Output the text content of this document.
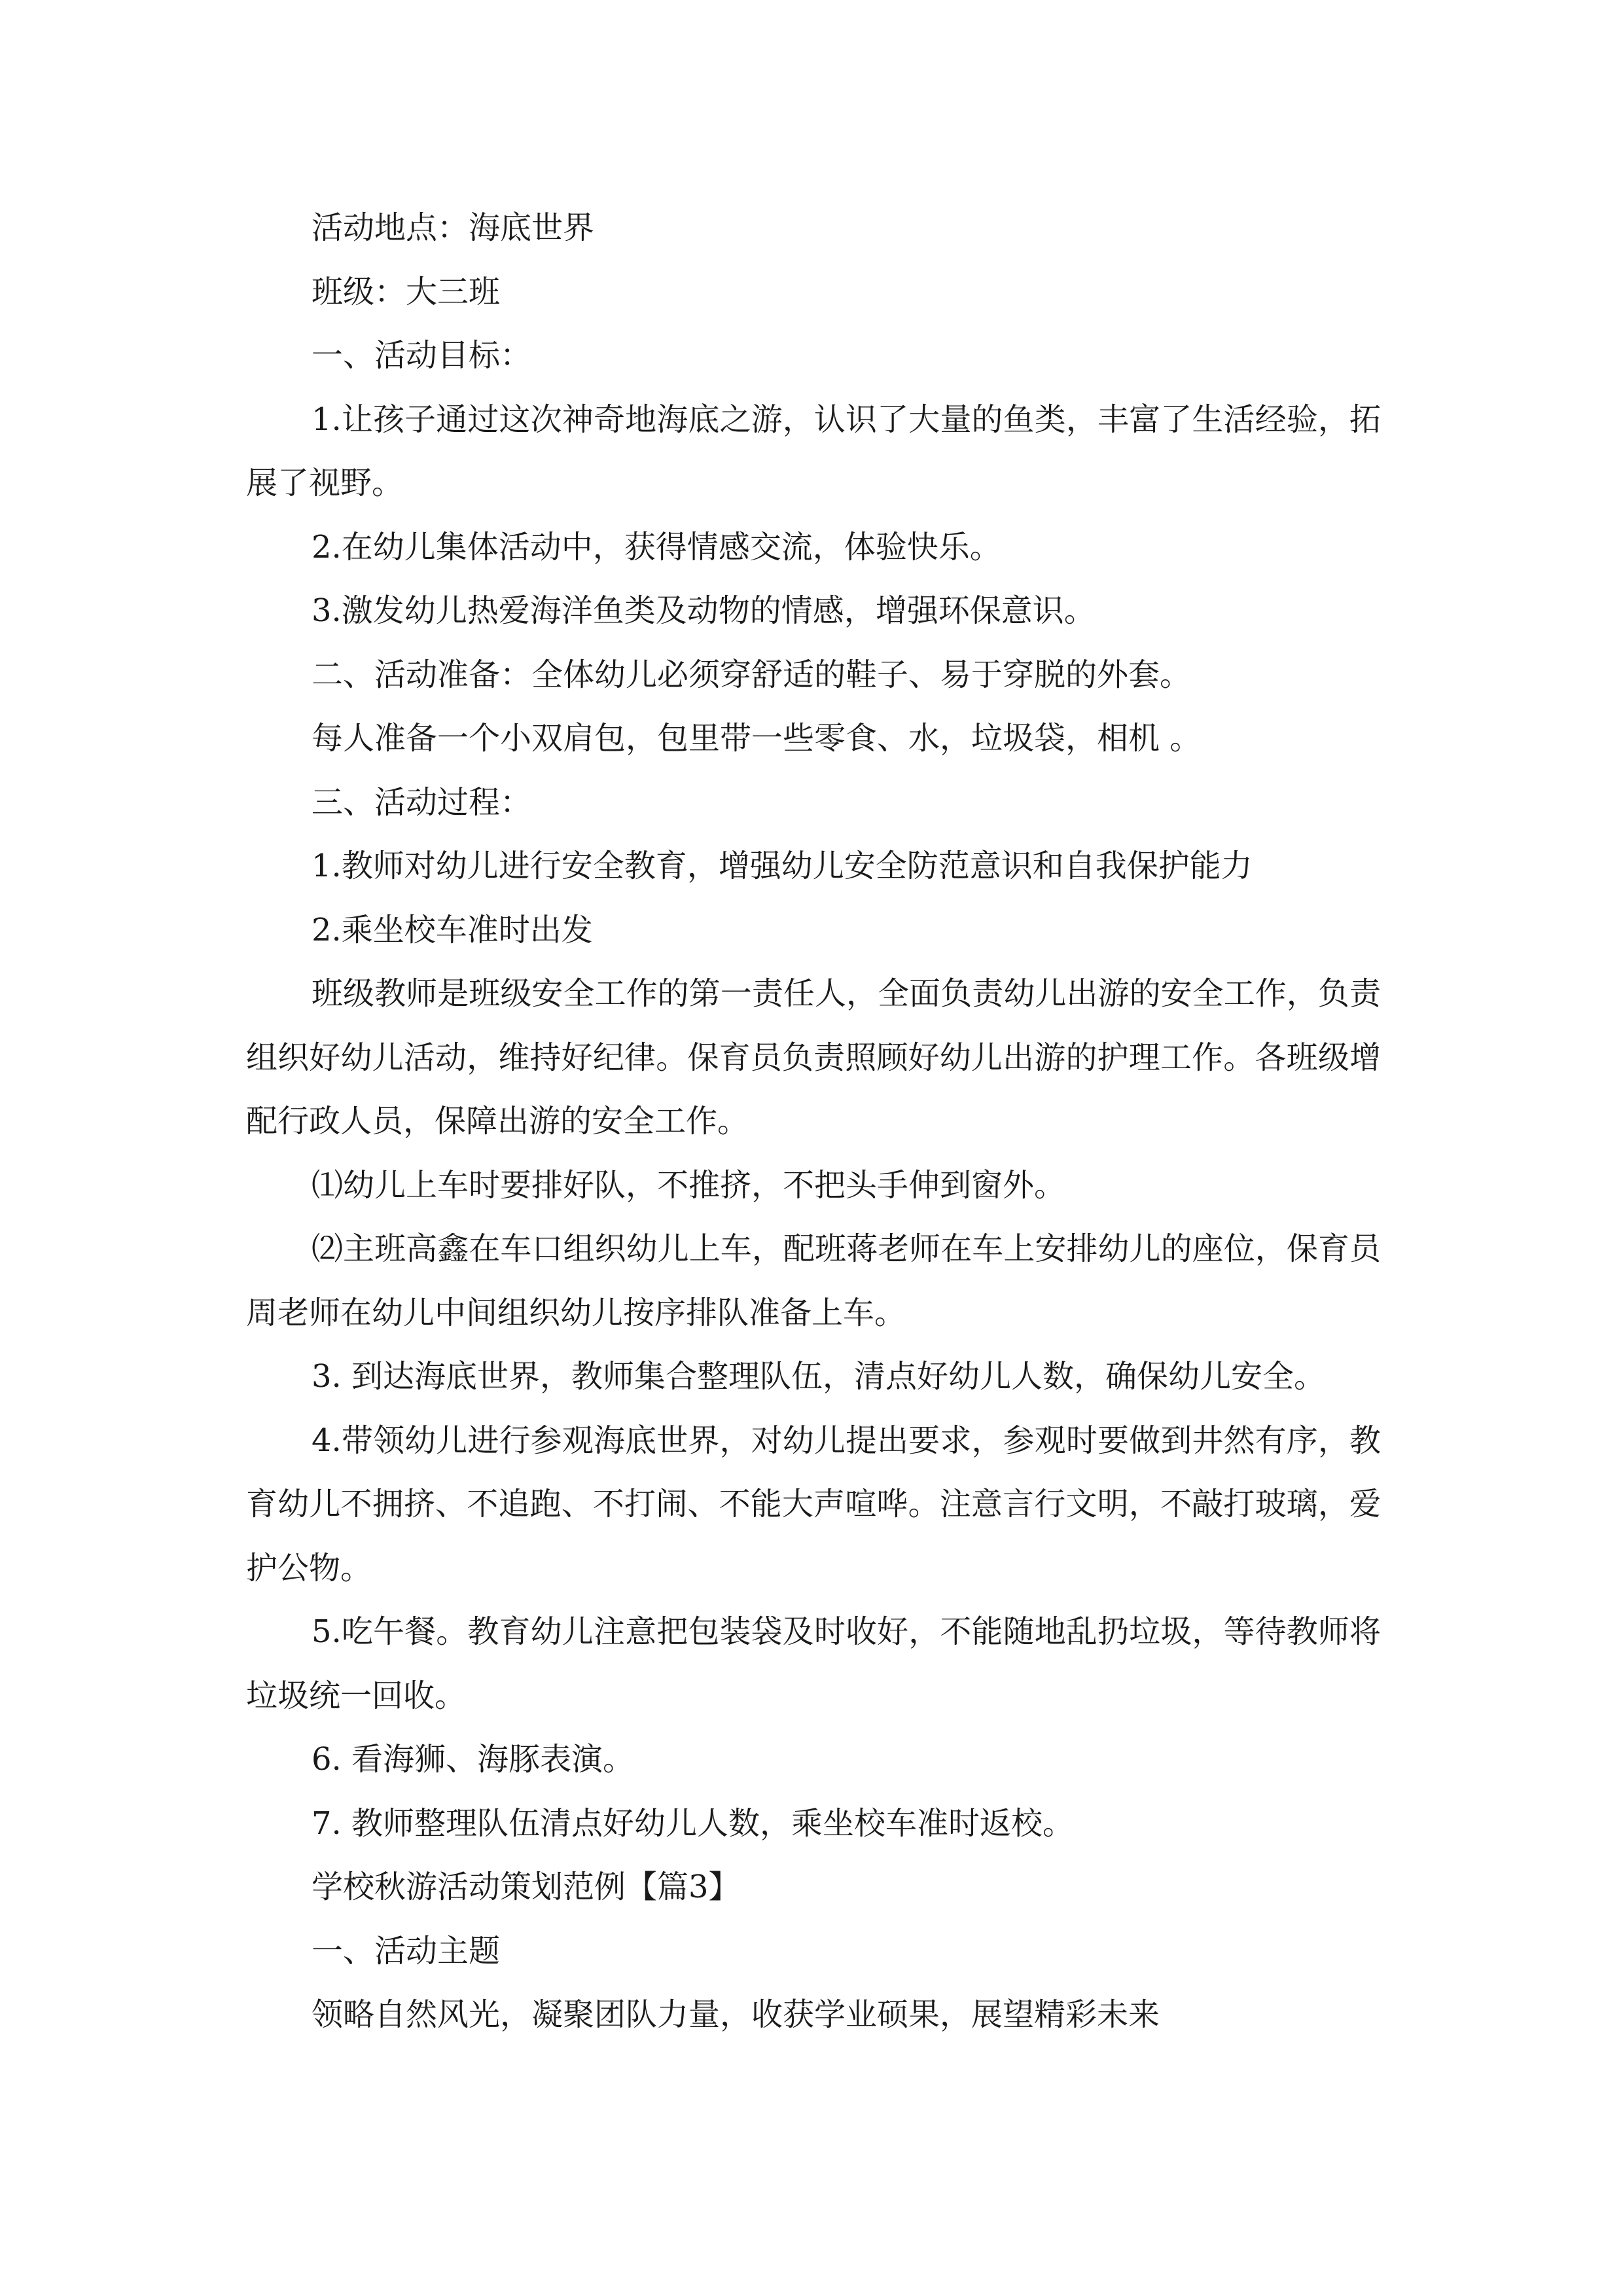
活动地点：海底世界

班级：大三班

一、活动目标：

1.让孩子通过这次神奇地海底之游，认识了大量的鱼类，丰富了生活经验，拓展了视野。

2.在幼儿集体活动中，获得情感交流，体验快乐。

3.激发幼儿热爱海洋鱼类及动物的情感，增强环保意识。

二、活动准备：全体幼儿必须穿舒适的鞋子、易于穿脱的外套。

每人准备一个小双肩包，包里带一些零食、水，垃圾袋，相机 。

三、活动过程：

1.教师对幼儿进行安全教育，增强幼儿安全防范意识和自我保护能力

2.乘坐校车准时出发

班级教师是班级安全工作的第一责任人，全面负责幼儿出游的安全工作，负责组织好幼儿活动，维持好纪律。保育员负责照顾好幼儿出游的护理工作。各班级增配行政人员，保障出游的安全工作。

⑴幼儿上车时要排好队，不推挤，不把头手伸到窗外。

⑵主班高鑫在车口组织幼儿上车，配班蒋老师在车上安排幼儿的座位，保育员周老师在幼儿中间组织幼儿按序排队准备上车。

3. 到达海底世界，教师集合整理队伍，清点好幼儿人数，确保幼儿安全。

4.带领幼儿进行参观海底世界，对幼儿提出要求，参观时要做到井然有序，教育幼儿不拥挤、不追跑、不打闹、不能大声喧哗。注意言行文明，不敲打玻璃，爱护公物。

5.吃午餐。教育幼儿注意把包装袋及时收好，不能随地乱扔垃圾，等待教师将垃圾统一回收。

6. 看海狮、海豚表演。

7. 教师整理队伍清点好幼儿人数，乘坐校车准时返校。

学校秋游活动策划范例【篇3】

一、活动主题

领略自然风光，凝聚团队力量，收获学业硕果，展望精彩未来
